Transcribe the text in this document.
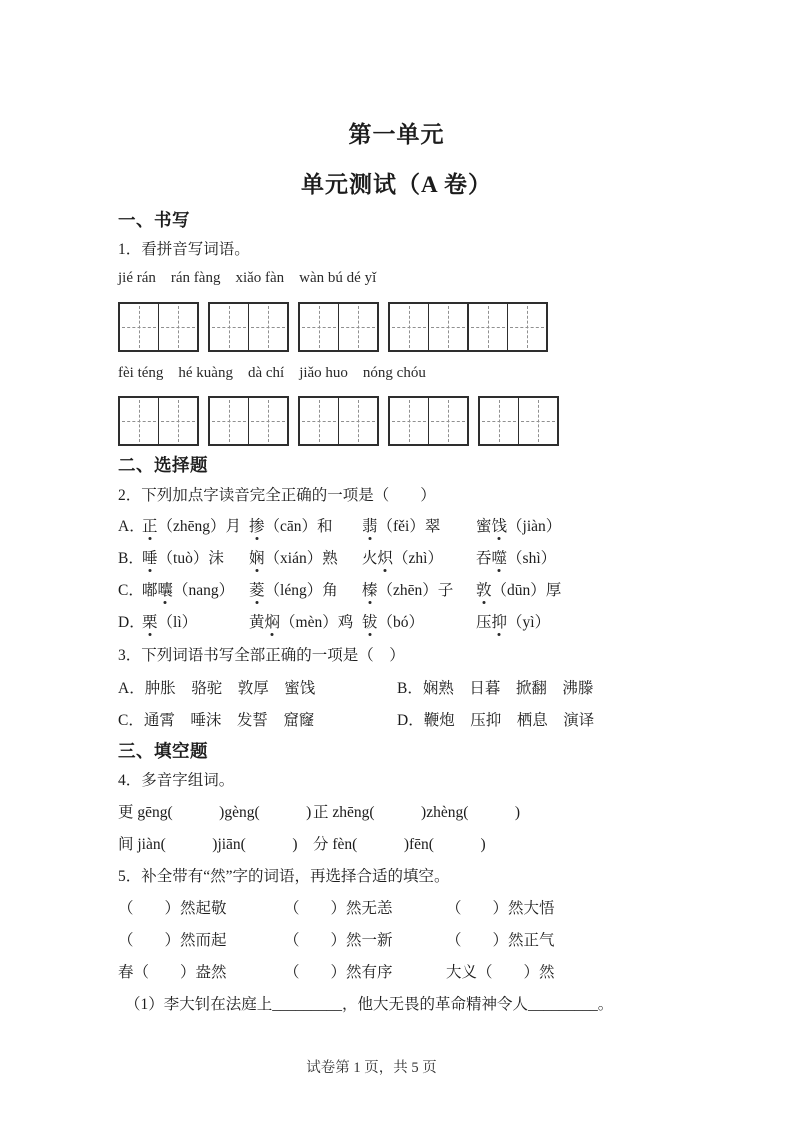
第一单元
单元测试（A 卷）
一、书写
1．看拼音写词语。
jié rán　rán fàng　xiǎo fàn　wàn bú dé yǐ
fèi téng　hé kuàng　dà chí　jiǎo huo　nóng chóu
二、选择题
2．下列加点字读音完全正确的一项是（　　）
A．
正（zhēng）月 掺（cān）和 翡（fěi）翠 蜜饯（jiàn）
B．
唾（tuò）沫 娴（xián）熟 火炽（zhì） 吞噬（shì）
C．
嘟囔（nang） 菱（léng）角 榛（zhēn）子 敦（dūn）厚
D．
栗（lì）	黄焖（mèn）鸡 钹（bó）	压抑（yì）
3．下列词语书写全部正确的一项是（　）
A．肿胀　骆驼　敦厚　蜜饯	B．娴熟　日暮　掀翻　沸滕
C．通霄　唾沫　发誓　窟窿	D．鞭炮　压抑　栖息　演译
三、填空题
4．多音字组词。
更 gēng(　　　)gèng(　　　) 正 zhēng(　　　)zhèng(　　　)
间 jiàn(　　　)jiān(　　　) 分 fèn(　　　)fēn(　　　)
5．补全带有“然”字的词语，再选择合适的填空。
（　　）然起敬	（　　）然无恙	（　　）然大悟
（　　）然而起	（　　）然一新	（　　）然正气
春（　　）盎然	（　　）然有序	大义（　　）然
（1）李大钊在法庭上_________，他大无畏的革命精神令人_________。
试卷第 1 页，共 5 页
